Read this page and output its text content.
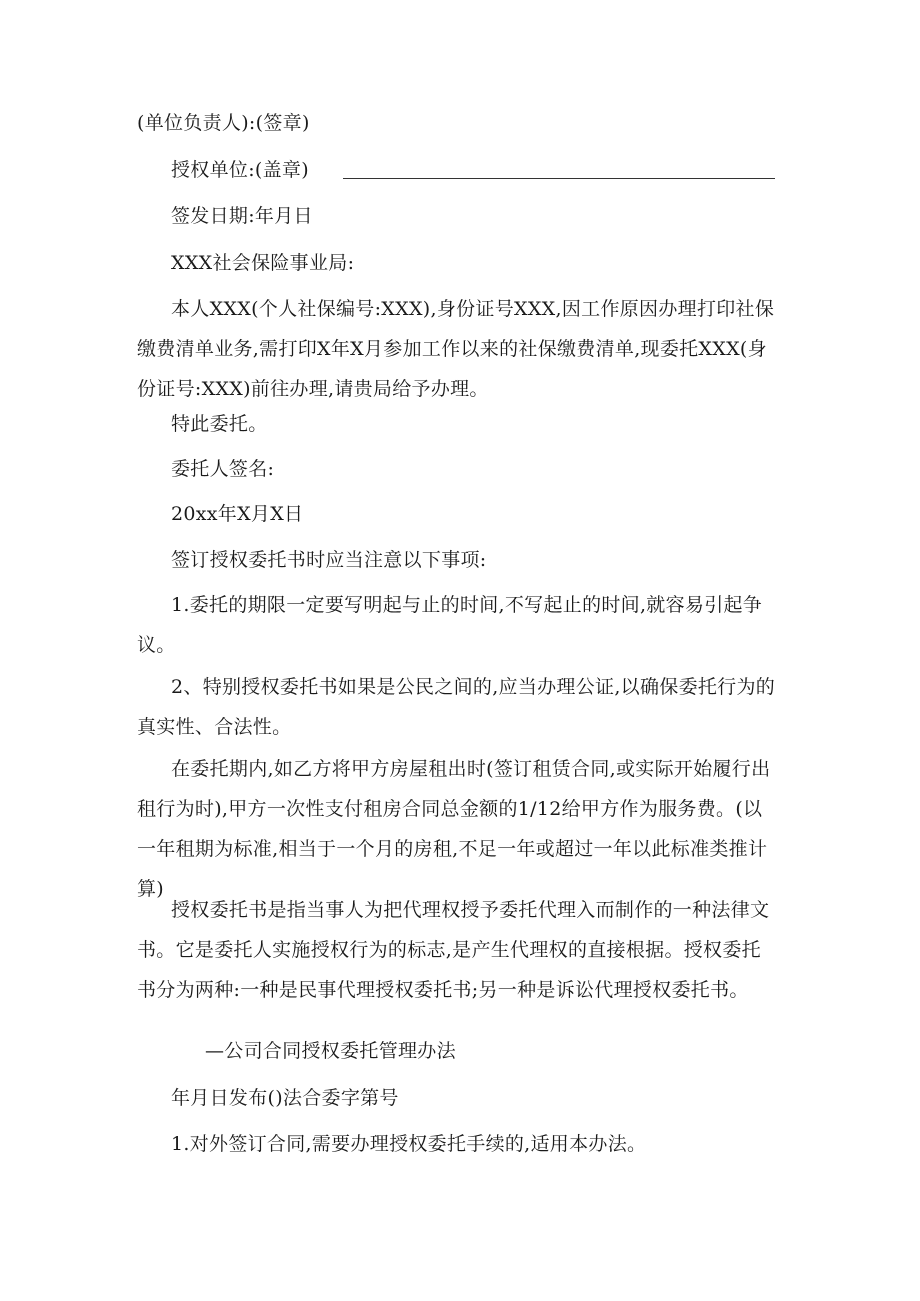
(单位负责人):(签章)
授权单位:(盖章)
签发日期:年月日
XXX社会保险事业局:
本人XXX(个人社保编号:XXX),身份证号XXX,因工作原因办理打印社保缴费清单业务,需打印X年X月参加工作以来的社保缴费清单,现委托XXX(身份证号:XXX)前往办理,请贵局给予办理。
特此委托。
委托人签名:
20xx年X月X日
签订授权委托书时应当注意以下事项:
1.委托的期限一定要写明起与止的时间,不写起止的时间,就容易引起争议。
2、特别授权委托书如果是公民之间的,应当办理公证,以确保委托行为的真实性、合法性。
在委托期内,如乙方将甲方房屋租出时(签订租赁合同,或实际开始履行出租行为时),甲方一次性支付租房合同总金额的1/12给甲方作为服务费。(以一年租期为标准,相当于一个月的房租,不足一年或超过一年以此标准类推计算)
授权委托书是指当事人为把代理权授予委托代理入而制作的一种法律文书。它是委托人实施授权行为的标志,是产生代理权的直接根据。授权委托书分为两种:一种是民事代理授权委托书;另一种是诉讼代理授权委托书。
—公司合同授权委托管理办法
年月日发布()法合委字第号
1.对外签订合同,需要办理授权委托手续的,适用本办法。
